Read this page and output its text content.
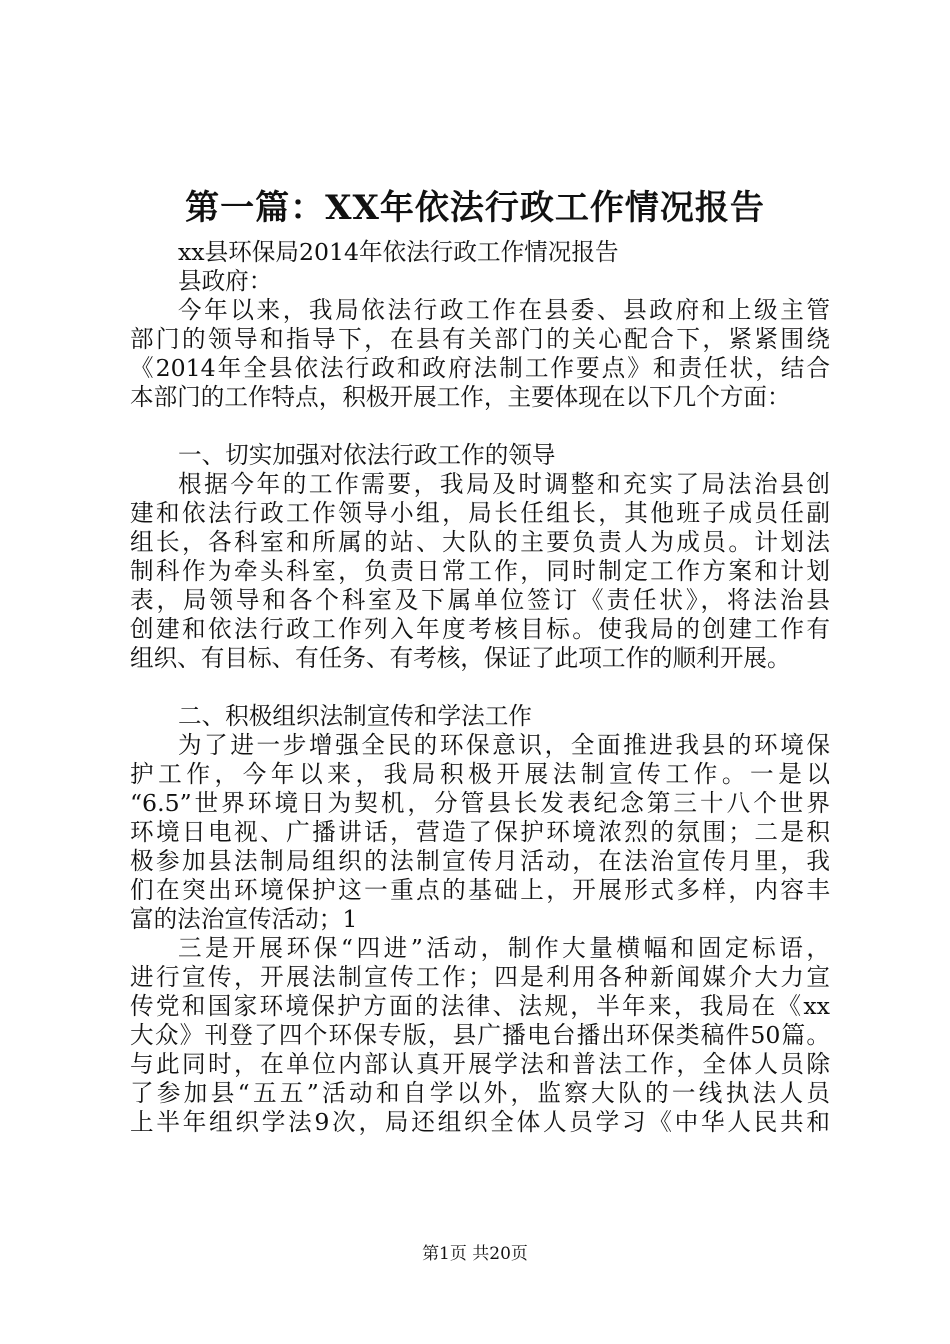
第一篇：XX年依法行政工作情况报告
xx县环保局2014年依法行政工作情况报告
县政府：
今年以来，我局依法行政工作在县委、县政府和上级主管
部门的领导和指导下，在县有关部门的关心配合下，紧紧围绕
《2014年全县依法行政和政府法制工作要点》和责任状，结合
本部门的工作特点，积极开展工作，主要体现在以下几个方面：
一、切实加强对依法行政工作的领导
根据今年的工作需要，我局及时调整和充实了局法治县创
建和依法行政工作领导小组，局长任组长，其他班子成员任副
组长，各科室和所属的站、大队的主要负责人为成员。计划法
制科作为牵头科室，负责日常工作，同时制定工作方案和计划
表，局领导和各个科室及下属单位签订《责任状》，将法治县
创建和依法行政工作列入年度考核目标。使我局的创建工作有
组织、有目标、有任务、有考核，保证了此项工作的顺利开展。
二、积极组织法制宣传和学法工作
为了进一步增强全民的环保意识，全面推进我县的环境保
护工作，今年以来，我局积极开展法制宣传工作。一是以
“6.5”世界环境日为契机，分管县长发表纪念第三十八个世界
环境日电视、广播讲话，营造了保护环境浓烈的氛围；二是积
极参加县法制局组织的法制宣传月活动，在法治宣传月里，我
们在突出环境保护这一重点的基础上，开展形式多样，内容丰
富的法治宣传活动；1
三是开展环保“四进”活动，制作大量横幅和固定标语，
进行宣传，开展法制宣传工作；四是利用各种新闻媒介大力宣
传党和国家环境保护方面的法律、法规，半年来，我局在《xx
大众》刊登了四个环保专版，县广播电台播出环保类稿件50篇。
与此同时，在单位内部认真开展学法和普法工作，全体人员除
了参加县“五五”活动和自学以外，监察大队的一线执法人员
上半年组织学法9次，局还组织全体人员学习《中华人民共和
第1页 共20页
